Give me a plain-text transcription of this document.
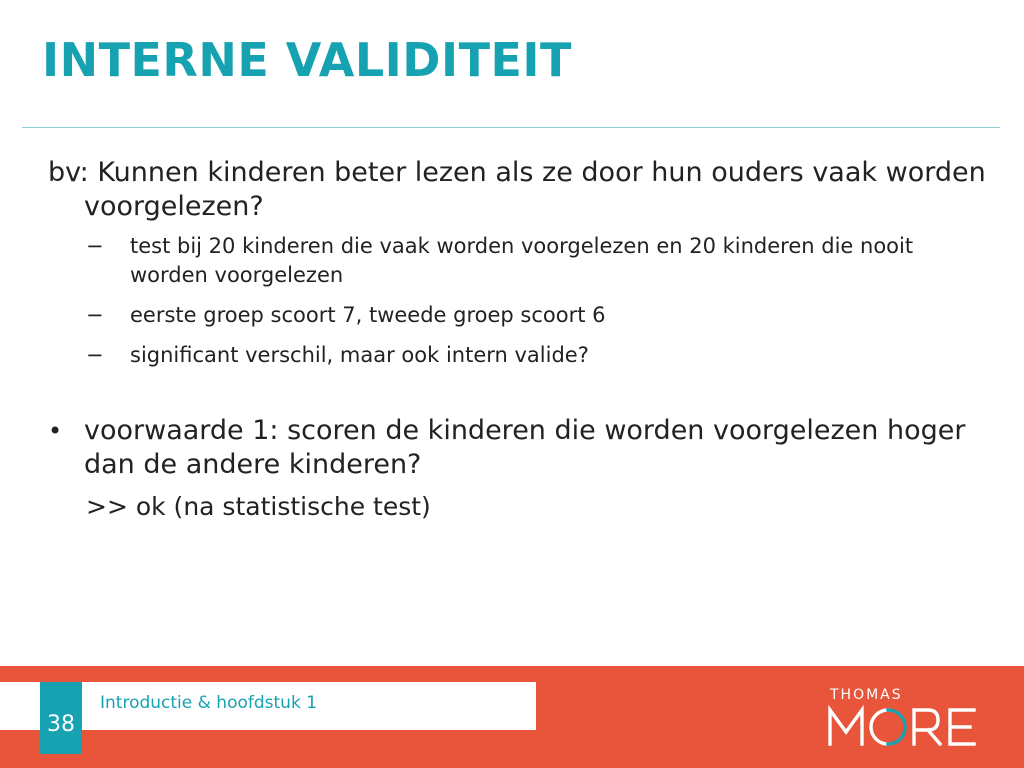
INTERNE VALIDITEIT

bv: Kunnen kinderen beter lezen als ze door hun ouders vaak worden voorgelezen?

− test bij 20 kinderen die vaak worden voorgelezen en 20 kinderen die nooit worden voorgelezen
− eerste groep scoort 7, tweede groep scoort 6
− significant verschil, maar ook intern valide?
• voorwaarde 1: scoren de kinderen die worden voorgelezen hoger dan de andere kinderen?
>> ok (na statistische test)
Introductie & hoofdstuk 1
38
THOMAS
